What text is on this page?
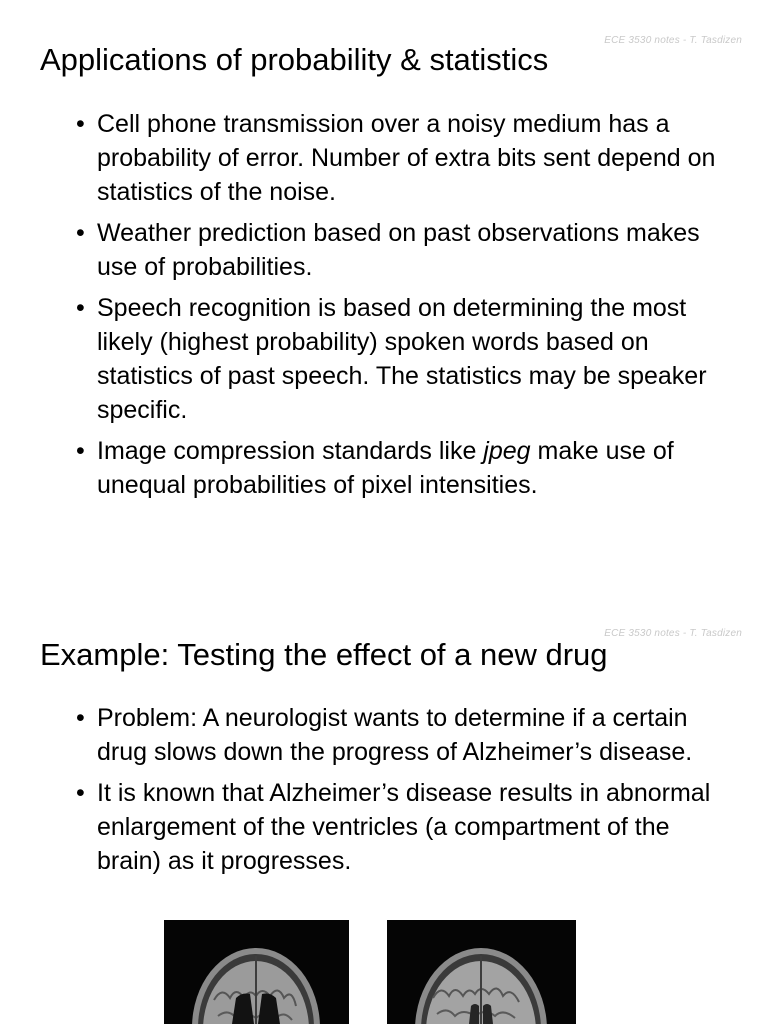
ECE 3530 notes - T. Tasdizen
Applications of probability & statistics
• Cell phone transmission over a noisy medium has a probability of error. Number of extra bits sent depend on statistics of the noise.
• Weather prediction based on past observations makes use of probabilities.
• Speech recognition is based on determining the most likely (highest probability) spoken words based on statistics of past speech. The statistics may be speaker specific.
• Image compression standards like jpeg make use of unequal probabilities of pixel intensities.
ECE 3530 notes - T. Tasdizen
Example: Testing the effect of a new drug
• Problem: A neurologist wants to determine if a certain drug slows down the progress of Alzheimer’s disease.
• It is known that Alzheimer’s disease results in abnormal enlargement of the ventricles (a compartment of the brain) as it progresses.
